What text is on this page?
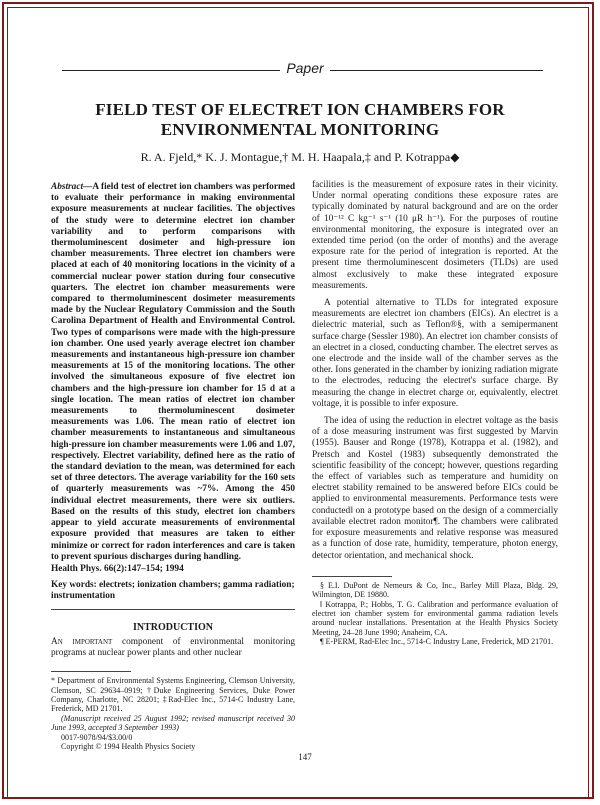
Paper
FIELD TEST OF ELECTRET ION CHAMBERS FOR ENVIRONMENTAL MONITORING
R. A. Fjeld,* K. J. Montague,† M. H. Haapala,‡ and P. Kotrappa◆
Abstract—A field test of electret ion chambers was performed to evaluate their performance in making environmental exposure measurements at nuclear facilities. The objectives of the study were to determine electret ion chamber variability and to perform comparisons with thermoluminescent dosimeter and high-pressure ion chamber measurements. Three electret ion chambers were placed at each of 40 monitoring locations in the vicinity of a commercial nuclear power station during four consecutive quarters. The electret ion chamber measurements were compared to thermoluminescent dosimeter measurements made by the Nuclear Regulatory Commission and the South Carolina Department of Health and Environmental Control. Two types of comparisons were made with the high-pressure ion chamber. One used yearly average electret ion chamber measurements and instantaneous high-pressure ion chamber measurements at 15 of the monitoring locations. The other involved the simultaneous exposure of five electret ion chambers and the high-pressure ion chamber for 15 d at a single location. The mean ratios of electret ion chamber measurements to thermoluminescent dosimeter measurements was 1.06. The mean ratio of electret ion chamber measurements to instantaneous and simultaneous high-pressure ion chamber measurements were 1.06 and 1.07, respectively. Electret variability, defined here as the ratio of the standard deviation to the mean, was determined for each set of three detectors. The average variability for the 160 sets of quarterly measurements was ~7%. Among the 450 individual electret measurements, there were six outliers. Based on the results of this study, electret ion chambers appear to yield accurate measurements of environmental exposure provided that measures are taken to either minimize or correct for radon interferences and care is taken to prevent spurious discharges during handling.
Health Phys. 66(2):147–154; 1994
Key words: electrets; ionization chambers; gamma radiation; instrumentation
INTRODUCTION

An important component of environmental monitoring programs at nuclear power plants and other nuclear

* Department of Environmental Systems Engineering, Clemson University, Clemson, SC 29634–0919; †Duke Engineering Services, Duke Power Company, Charlotte, NC 28201; ‡Rad-Elec Inc., 5714-C Industry Lane, Frederick, MD 21701.
(Manuscript received 25 August 1992; revised manuscript received 30 June 1993, accepted 3 September 1993)
0017-9078/94/$3.00/0
Copyright © 1994 Health Physics Society

facilities is the measurement of exposure rates in their vicinity. Under normal operating conditions these exposure rates are typically dominated by natural background and are on the order of 10⁻¹² C kg⁻¹ s⁻¹ (10 μR h⁻¹). For the purposes of routine environmental monitoring, the exposure is integrated over an extended time period (on the order of months) and the average exposure rate for the period of integration is reported. At the present time thermoluminescent dosimeters (TLDs) are used almost exclusively to make these integrated exposure measurements.

A potential alternative to TLDs for integrated exposure measurements are electret ion chambers (EICs). An electret is a dielectric material, such as Teflon®§, with a semipermanent surface charge (Sessler 1980). An electret ion chamber consists of an electret in a closed, conducting chamber. The electret serves as one electrode and the inside wall of the chamber serves as the other. Ions generated in the chamber by ionizing radiation migrate to the electrodes, reducing the electret's surface charge. By measuring the change in electret charge or, equivalently, electret voltage, it is possible to infer exposure.

The idea of using the reduction in electret voltage as the basis of a dose measuring instrument was first suggested by Marvin (1955). Bauser and Ronge (1978), Kotrappa et al. (1982), and Pretsch and Kostel (1983) subsequently demonstrated the scientific feasibility of the concept; however, questions regarding the effect of variables such as temperature and humidity on electret stability remained to be answered before EICs could be applied to environmental measurements. Performance tests were conducted‖ on a prototype based on the design of a commercially available electret radon monitor¶. The chambers were calibrated for exposure measurements and relative response was measured as a function of dose rate, humidity, temperature, photon energy, detector orientation, and mechanical shock.

§ E.I. DuPont de Nemeurs & Co, Inc., Barley Mill Plaza, Bldg. 29, Wilmington, DE 19880.
‖ Kotrappa, P.; Hobbs, T. G. Calibration and performance evaluation of electret ion chamber system for environmental gamma radiation levels around nuclear installations. Presentation at the Health Physics Society Meeting, 24–28 June 1990; Anaheim, CA.
¶ E-PERM, Rad-Elec Inc., 5714-C Industry Lane, Frederick, MD 21701.
147
